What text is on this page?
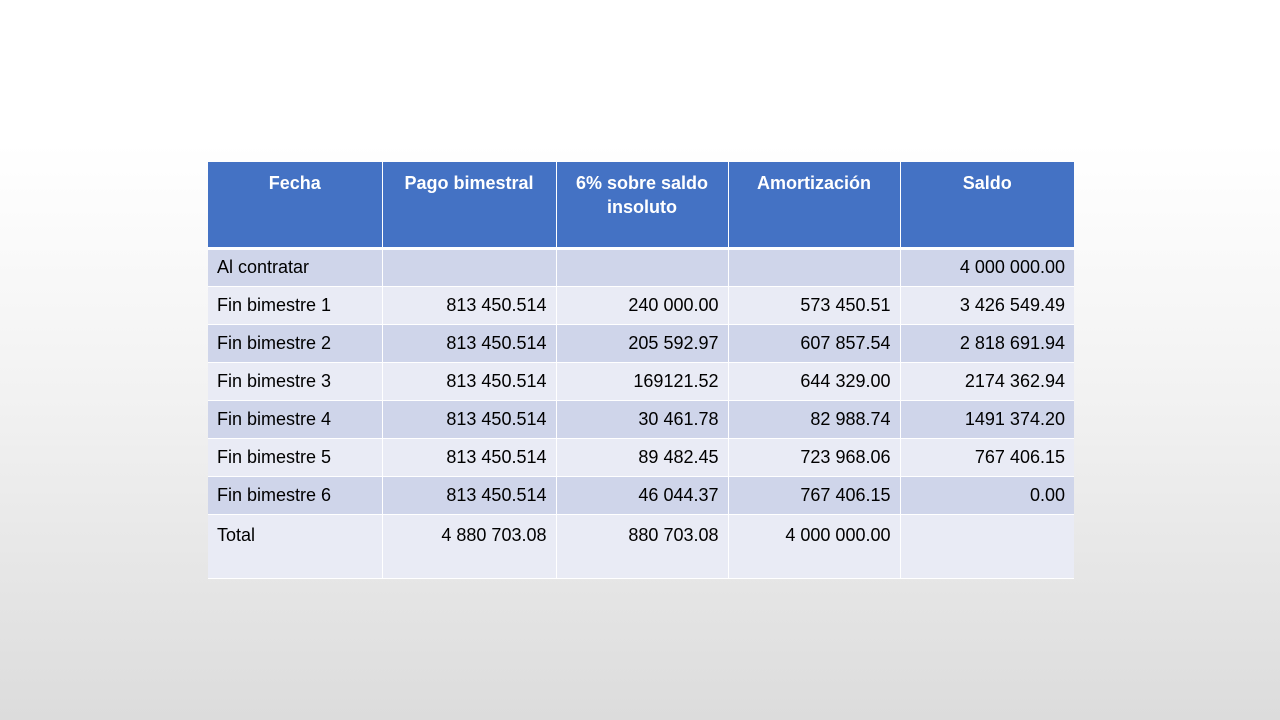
Fecha	Pago bimestral	6% sobre saldo insoluto	Amortización	Saldo
Al contratar				4 000 000.00
Fin bimestre 1	813 450.514	240 000.00	573 450.51	3 426 549.49
Fin bimestre 2	813 450.514	205 592.97	607 857.54	2 818 691.94
Fin bimestre 3	813 450.514	169121.52	644 329.00	2174 362.94
Fin bimestre 4	813 450.514	30 461.78	82 988.74	1491 374.20
Fin bimestre 5	813 450.514	89 482.45	723 968.06	767 406.15
Fin bimestre 6	813 450.514	46 044.37	767 406.15	0.00
Total	4 880 703.08	880 703.08	4 000 000.00	
